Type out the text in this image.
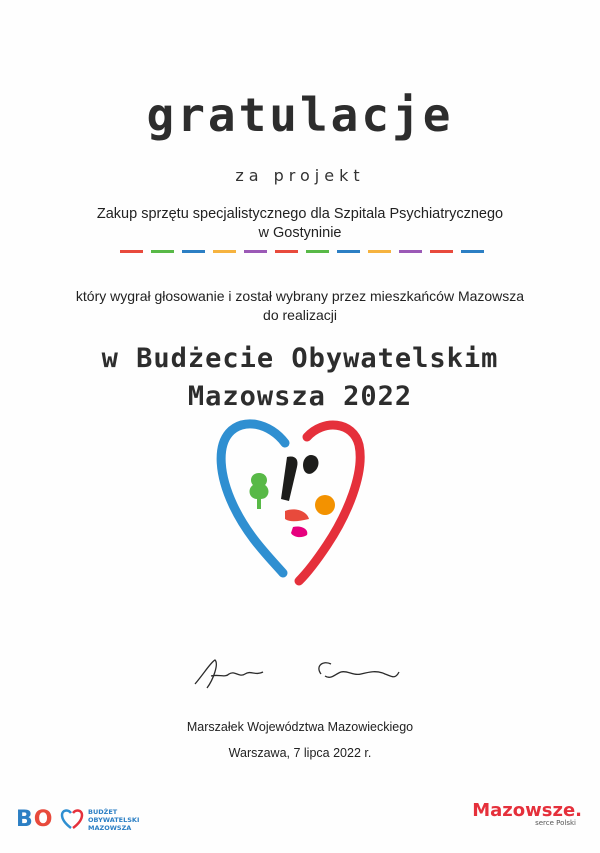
gratulacje
za projekt
Zakup sprzętu specjalistycznego dla Szpitala Psychiatrycznego
w Gostyninie
który wygrał głosowanie i został wybrany przez mieszkańców Mazowsza
do realizacji
w Budżecie Obywatelskim
Mazowsza 2022
Marszałek Województwa Mazowieckiego
Warszawa, 7 lipca 2022 r.
BO	BUDŻET
OBYWATELSKI
MAZOWSZA
Mazowsze.
serce Polski
